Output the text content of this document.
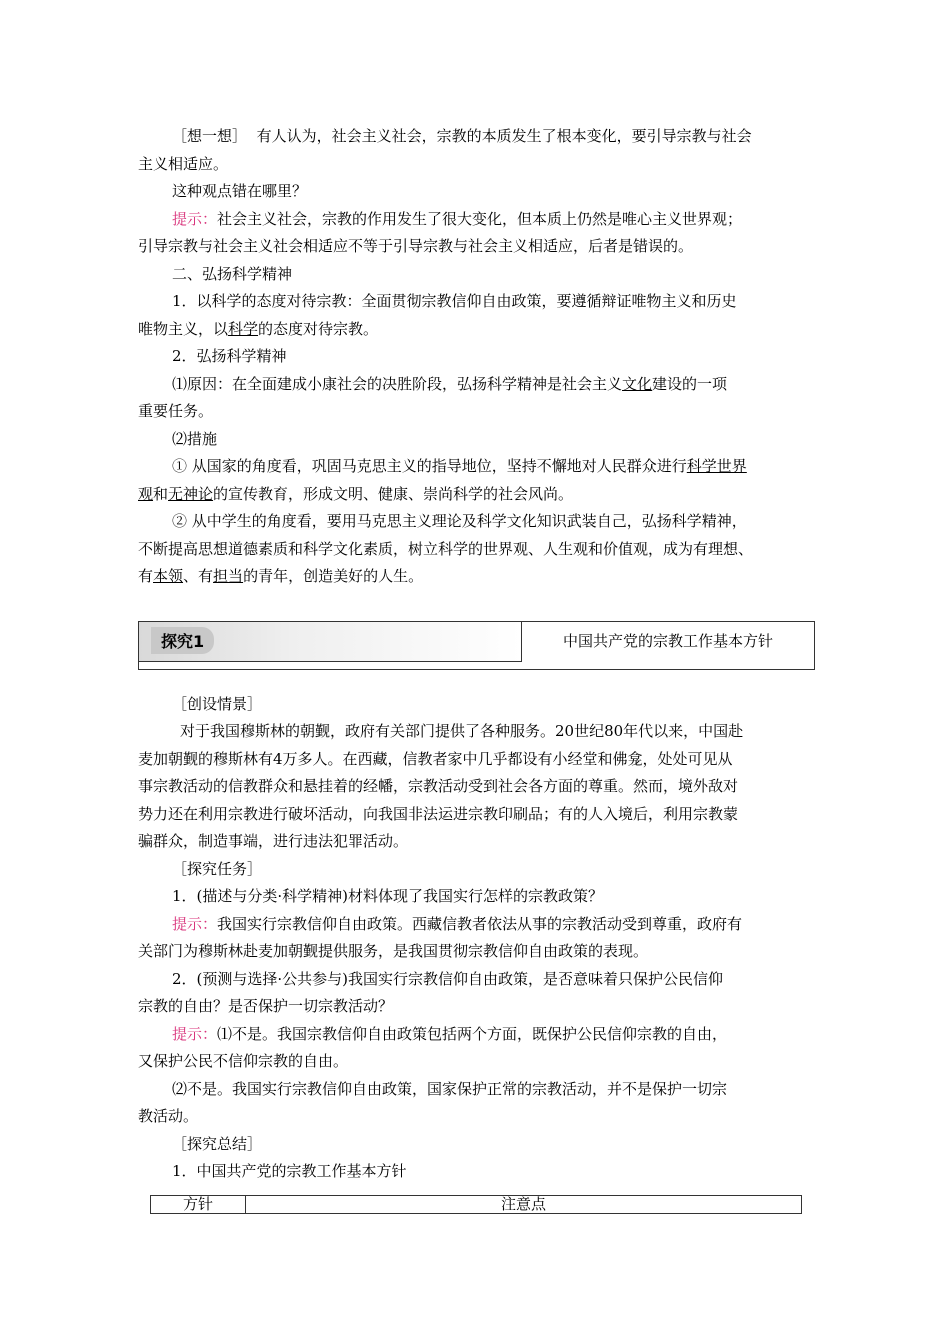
［想一想］ 有人认为，社会主义社会，宗教的本质发生了根本变化，要引导宗教与社会
主义相适应。
这种观点错在哪里？
提示：社会主义社会，宗教的作用发生了很大变化，但本质上仍然是唯心主义世界观；
引导宗教与社会主义社会相适应不等于引导宗教与社会主义相适应，后者是错误的。
二、弘扬科学精神
1．以科学的态度对待宗教：全面贯彻宗教信仰自由政策，要遵循辩证唯物主义和历史
唯物主义，以科学的态度对待宗教。
2．弘扬科学精神
⑴原因：在全面建成小康社会的决胜阶段，弘扬科学精神是社会主义文化建设的一项
重要任务。
⑵措施
① 从国家的角度看，巩固马克思主义的指导地位，坚持不懈地对人民群众进行科学世界
观和无神论的宣传教育，形成文明、健康、崇尚科学的社会风尚。
② 从中学生的角度看，要用马克思主义理论及科学文化知识武装自己，弘扬科学精神，
不断提高思想道德素质和科学文化素质，树立科学的世界观、人生观和价值观，成为有理想、
有本领、有担当的青年，创造美好的人生。
探究1	中国共产党的宗教工作基本方针
［创设情景］
对于我国穆斯林的朝觐，政府有关部门提供了各种服务。20世纪80年代以来，中国赴
麦加朝觐的穆斯林有4万多人。在西藏，信教者家中几乎都设有小经堂和佛龛，处处可见从
事宗教活动的信教群众和悬挂着的经幡，宗教活动受到社会各方面的尊重。然而，境外敌对
势力还在利用宗教进行破坏活动，向我国非法运进宗教印刷品；有的人入境后，利用宗教蒙
骗群众，制造事端，进行违法犯罪活动。
［探究任务］
1．(描述与分类·科学精神)材料体现了我国实行怎样的宗教政策？
提示：我国实行宗教信仰自由政策。西藏信教者依法从事的宗教活动受到尊重，政府有
关部门为穆斯林赴麦加朝觐提供服务，是我国贯彻宗教信仰自由政策的表现。
2．(预测与选择·公共参与)我国实行宗教信仰自由政策，是否意味着只保护公民信仰
宗教的自由？是否保护一切宗教活动？
提示：⑴不是。我国宗教信仰自由政策包括两个方面，既保护公民信仰宗教的自由，
又保护公民不信仰宗教的自由。
⑵不是。我国实行宗教信仰自由政策，国家保护正常的宗教活动，并不是保护一切宗
教活动。
［探究总结］
1．中国共产党的宗教工作基本方针
方针	注意点
